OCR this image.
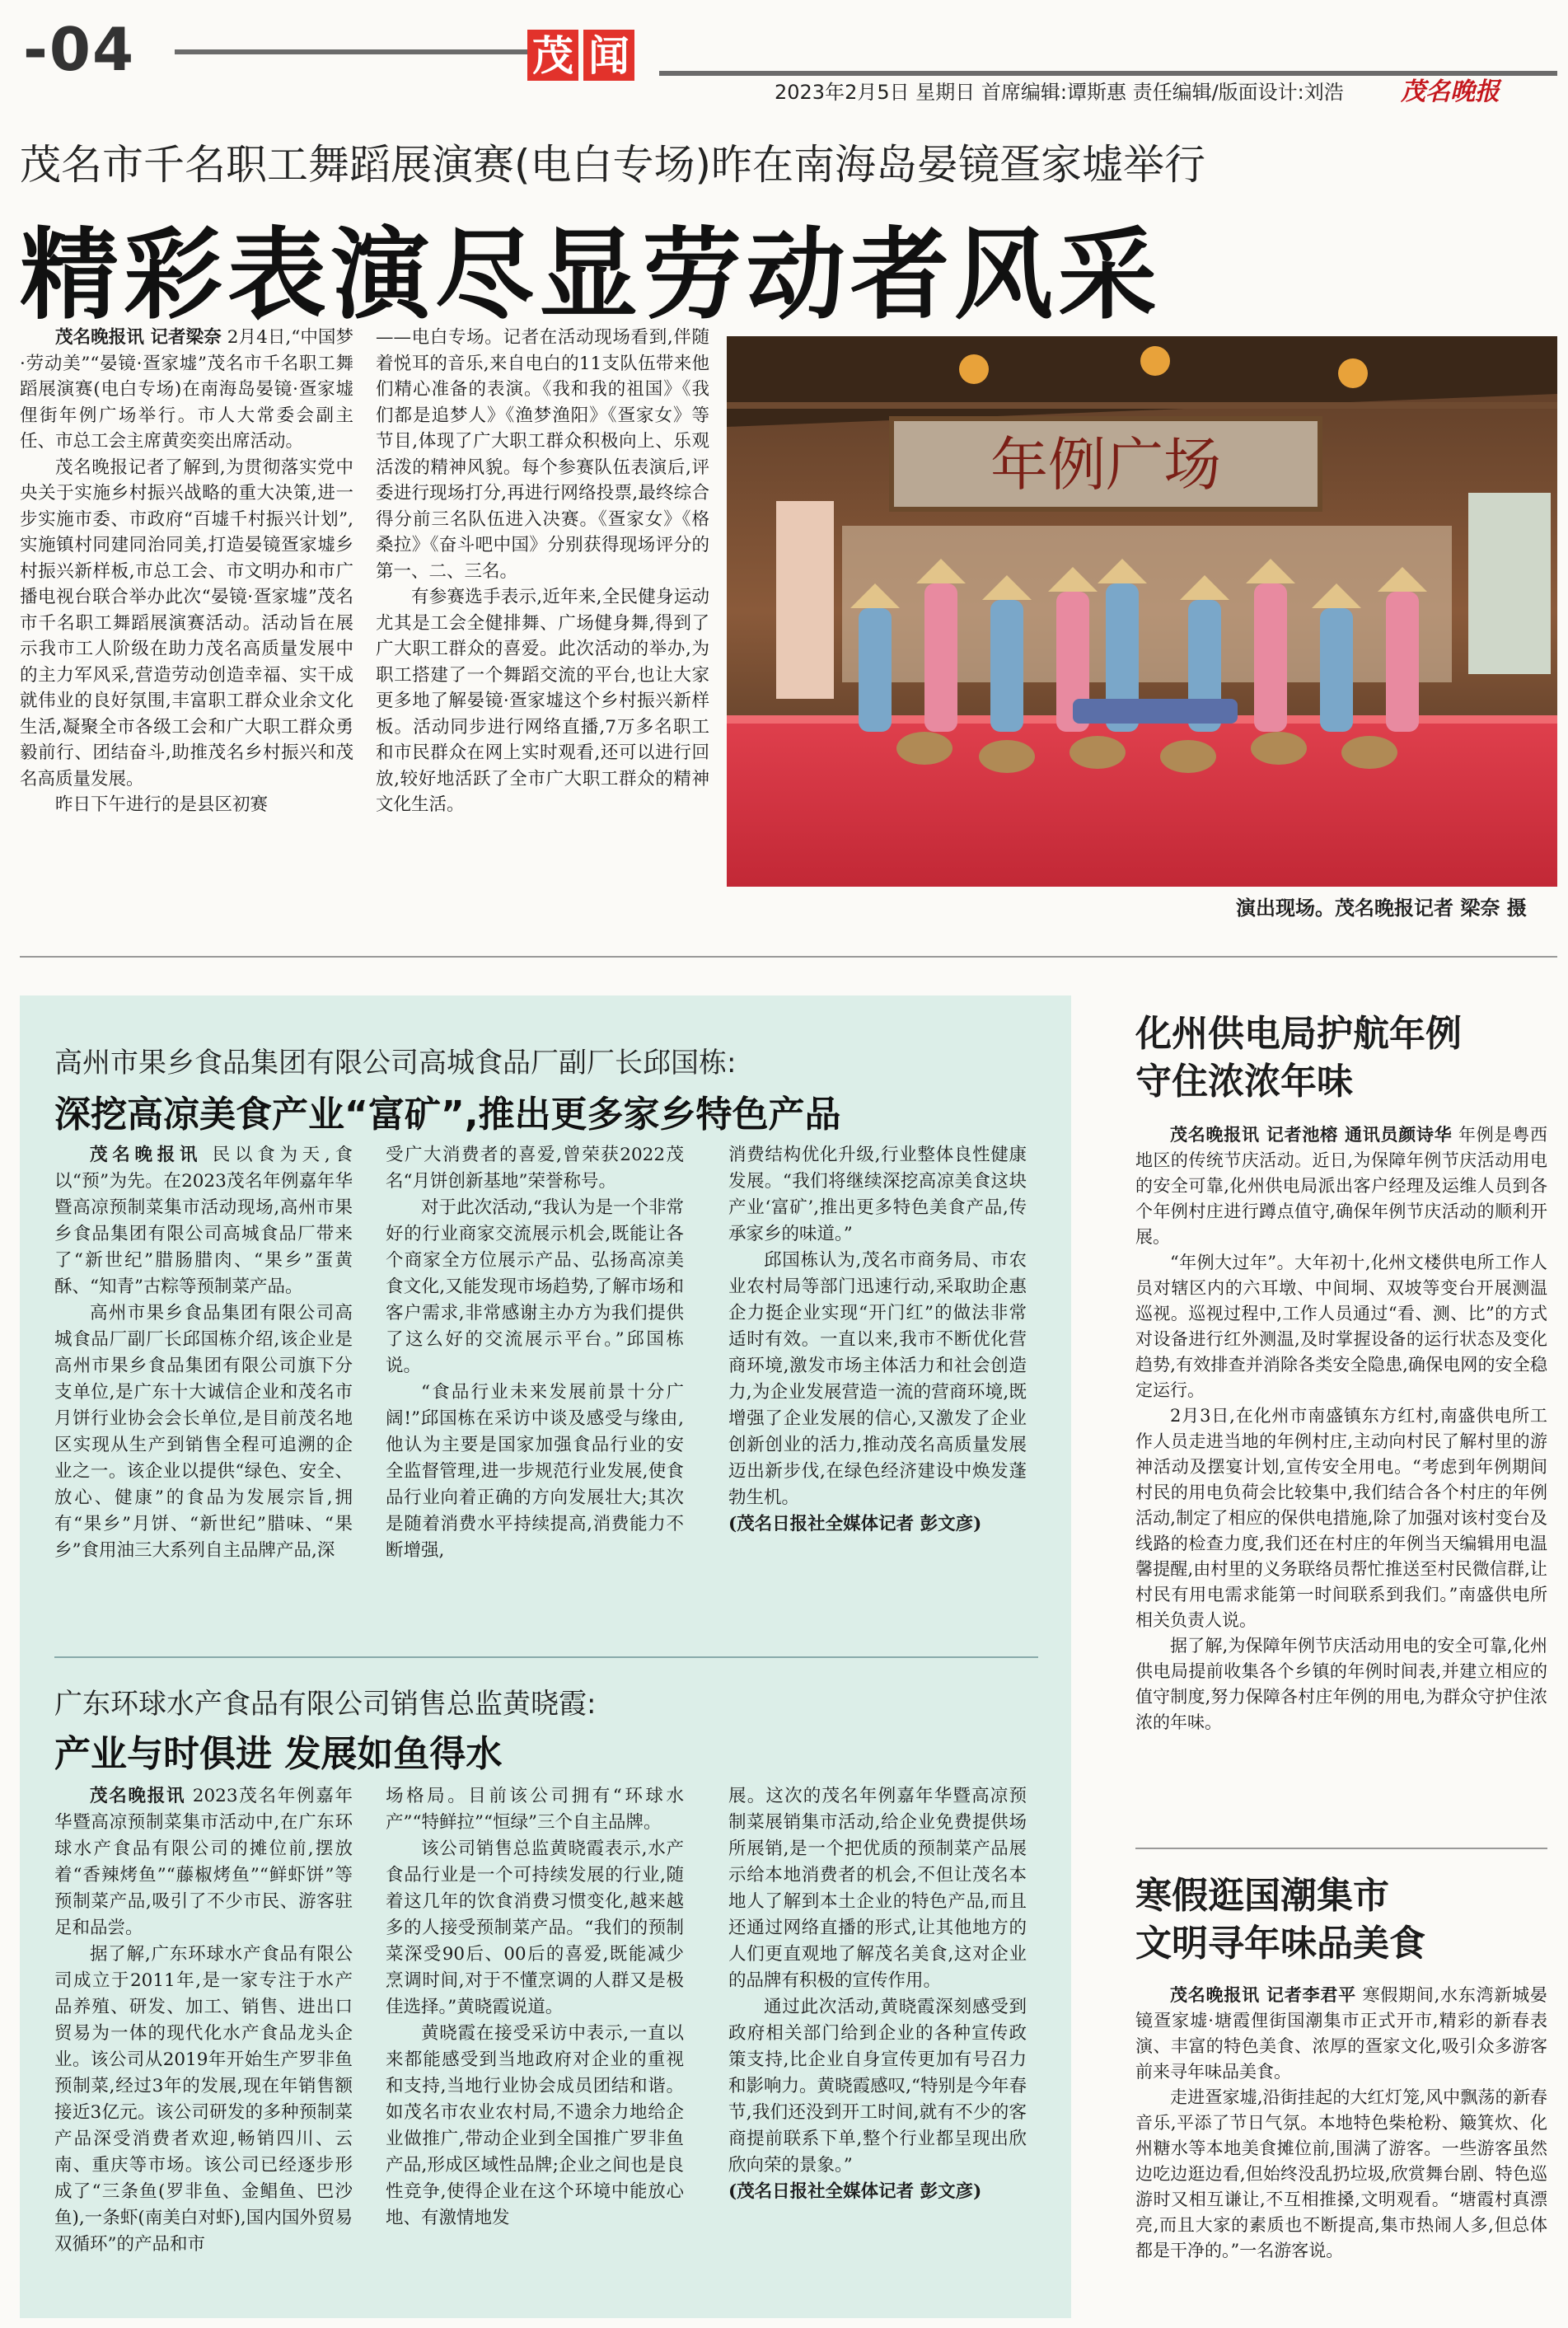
-04	茂 闻
2023年2月5日 星期日 首席编辑:谭斯惠 责任编辑/版面设计:刘浩 茂名晚报
茂名市千名职工舞蹈展演赛(电白专场)昨在南海岛晏镜疍家墟举行
精彩表演尽显劳动者风采

茂名晚报讯 记者梁奈 2月4日,“中国梦·劳动美”“晏镜·疍家墟”茂名市千名职工舞蹈展演赛(电白专场)在南海岛晏镜·疍家墟俚街年例广场举行。市人大常委会副主任、市总工会主席黄奕奕出席活动。

茂名晚报记者了解到,为贯彻落实党中央关于实施乡村振兴战略的重大决策,进一步实施市委、市政府“百墟千村振兴计划”,实施镇村同建同治同美,打造晏镜疍家墟乡村振兴新样板,市总工会、市文明办和市广播电视台联合举办此次“晏镜·疍家墟”茂名市千名职工舞蹈展演赛活动。活动旨在展示我市工人阶级在助力茂名高质量发展中的主力军风采,营造劳动创造幸福、实干成就伟业的良好氛围,丰富职工群众业余文化生活,凝聚全市各级工会和广大职工群众勇毅前行、团结奋斗,助推茂名乡村振兴和茂名高质量发展。

昨日下午进行的是县区初赛

——电白专场。记者在活动现场看到,伴随着悦耳的音乐,来自电白的11支队伍带来他们精心准备的表演。《我和我的祖国》《我们都是追梦人》《渔梦渔阳》《疍家女》等节目,体现了广大职工群众积极向上、乐观活泼的精神风貌。每个参赛队伍表演后,评委进行现场打分,再进行网络投票,最终综合得分前三名队伍进入决赛。《疍家女》《格桑拉》《奋斗吧中国》分别获得现场评分的第一、二、三名。

有参赛选手表示,近年来,全民健身运动尤其是工会全健排舞、广场健身舞,得到了广大职工群众的喜爱。此次活动的举办,为职工搭建了一个舞蹈交流的平台,也让大家更多地了解晏镜·疍家墟这个乡村振兴新样板。活动同步进行网络直播,7万多名职工和市民群众在网上实时观看,还可以进行回放,较好地活跃了全市广大职工群众的精神文化生活。

年例广场
演出现场。茂名晚报记者 梁奈 摄
高州市果乡食品集团有限公司高城食品厂副厂长邱国栋:
深挖高凉美食产业“富矿”,推出更多家乡特色产品

茂名晚报讯 民以食为天,食以“预”为先。在2023茂名年例嘉年华暨高凉预制菜集市活动现场,高州市果乡食品集团有限公司高城食品厂带来了“新世纪”腊肠腊肉、“果乡”蛋黄酥、“知青”古粽等预制菜产品。

高州市果乡食品集团有限公司高城食品厂副厂长邱国栋介绍,该企业是高州市果乡食品集团有限公司旗下分支单位,是广东十大诚信企业和茂名市月饼行业协会会长单位,是目前茂名地区实现从生产到销售全程可追溯的企业之一。该企业以提供“绿色、安全、放心、健康”的食品为发展宗旨,拥有“果乡”月饼、“新世纪”腊味、“果乡”食用油三大系列自主品牌产品,深

受广大消费者的喜爱,曾荣获2022茂名“月饼创新基地”荣誉称号。

对于此次活动,“我认为是一个非常好的行业商家交流展示机会,既能让各个商家全方位展示产品、弘扬高凉美食文化,又能发现市场趋势,了解市场和客户需求,非常感谢主办方为我们提供了这么好的交流展示平台。”邱国栋说。

“食品行业未来发展前景十分广阔!”邱国栋在采访中谈及感受与缘由,他认为主要是国家加强食品行业的安全监督管理,进一步规范行业发展,使食品行业向着正确的方向发展壮大;其次是随着消费水平持续提高,消费能力不断增强,

消费结构优化升级,行业整体良性健康发展。“我们将继续深挖高凉美食这块产业‘富矿’,推出更多特色美食产品,传承家乡的味道。”

邱国栋认为,茂名市商务局、市农业农村局等部门迅速行动,采取助企惠企力挺企业实现“开门红”的做法非常适时有效。一直以来,我市不断优化营商环境,激发市场主体活力和社会创造力,为企业发展营造一流的营商环境,既增强了企业发展的信心,又激发了企业创新创业的活力,推动茂名高质量发展迈出新步伐,在绿色经济建设中焕发蓬勃生机。

(茂名日报社全媒体记者 彭文彦)

广东环球水产食品有限公司销售总监黄晓霞:
产业与时俱进 发展如鱼得水

茂名晚报讯 2023茂名年例嘉年华暨高凉预制菜集市活动中,在广东环球水产食品有限公司的摊位前,摆放着“香辣烤鱼”“藤椒烤鱼”“鲜虾饼”等预制菜产品,吸引了不少市民、游客驻足和品尝。

据了解,广东环球水产食品有限公司成立于2011年,是一家专注于水产品养殖、研发、加工、销售、进出口贸易为一体的现代化水产食品龙头企业。该公司从2019年开始生产罗非鱼预制菜,经过3年的发展,现在年销售额接近3亿元。该公司研发的多种预制菜产品深受消费者欢迎,畅销四川、云南、重庆等市场。该公司已经逐步形成了“三条鱼(罗非鱼、金鲳鱼、巴沙鱼),一条虾(南美白对虾),国内国外贸易双循环”的产品和市

场格局。目前该公司拥有“环球水产”“特鲜拉”“恒绿”三个自主品牌。

该公司销售总监黄晓霞表示,水产食品行业是一个可持续发展的行业,随着这几年的饮食消费习惯变化,越来越多的人接受预制菜产品。“我们的预制菜深受90后、00后的喜爱,既能减少烹调时间,对于不懂烹调的人群又是极佳选择。”黄晓霞说道。

黄晓霞在接受采访中表示,一直以来都能感受到当地政府对企业的重视和支持,当地行业协会成员团结和谐。如茂名市农业农村局,不遗余力地给企业做推广,带动企业到全国推广罗非鱼产品,形成区域性品牌;企业之间也是良性竞争,使得企业在这个环境中能放心地、有激情地发

展。这次的茂名年例嘉年华暨高凉预制菜展销集市活动,给企业免费提供场所展销,是一个把优质的预制菜产品展示给本地消费者的机会,不但让茂名本地人了解到本土企业的特色产品,而且还通过网络直播的形式,让其他地方的人们更直观地了解茂名美食,这对企业的品牌有积极的宣传作用。

通过此次活动,黄晓霞深刻感受到政府相关部门给到企业的各种宣传政策支持,比企业自身宣传更加有号召力和影响力。黄晓霞感叹,“特别是今年春节,我们还没到开工时间,就有不少的客商提前联系下单,整个行业都呈现出欣欣向荣的景象。”

(茂名日报社全媒体记者 彭文彦)

化州供电局护航年例
守住浓浓年味

茂名晚报讯 记者池榕 通讯员颜诗华 年例是粤西地区的传统节庆活动。近日,为保障年例节庆活动用电的安全可靠,化州供电局派出客户经理及运维人员到各个年例村庄进行蹲点值守,确保年例节庆活动的顺利开展。

“年例大过年”。大年初十,化州文楼供电所工作人员对辖区内的六耳墩、中间垌、双坡等变台开展测温巡视。巡视过程中,工作人员通过“看、测、比”的方式对设备进行红外测温,及时掌握设备的运行状态及变化趋势,有效排查并消除各类安全隐患,确保电网的安全稳定运行。

2月3日,在化州市南盛镇东方红村,南盛供电所工作人员走进当地的年例村庄,主动向村民了解村里的游神活动及摆宴计划,宣传安全用电。“考虑到年例期间村民的用电负荷会比较集中,我们结合各个村庄的年例活动,制定了相应的保供电措施,除了加强对该村变台及线路的检查力度,我们还在村庄的年例当天编辑用电温馨提醒,由村里的义务联络员帮忙推送至村民微信群,让村民有用电需求能第一时间联系到我们。”南盛供电所相关负责人说。

据了解,为保障年例节庆活动用电的安全可靠,化州供电局提前收集各个乡镇的年例时间表,并建立相应的值守制度,努力保障各村庄年例的用电,为群众守护住浓浓的年味。

寒假逛国潮集市
文明寻年味品美食

茂名晚报讯 记者李君平 寒假期间,水东湾新城晏镜疍家墟·塘霞俚街国潮集市正式开市,精彩的新春表演、丰富的特色美食、浓厚的疍家文化,吸引众多游客前来寻年味品美食。

走进疍家墟,沿街挂起的大红灯笼,风中飘荡的新春音乐,平添了节日气氛。本地特色柴枪粉、簸箕炊、化州糖水等本地美食摊位前,围满了游客。一些游客虽然边吃边逛边看,但始终没乱扔垃圾,欣赏舞台剧、特色巡游时又相互谦让,不互相推搡,文明观看。“塘霞村真漂亮,而且大家的素质也不断提高,集市热闹人多,但总体都是干净的。”一名游客说。
